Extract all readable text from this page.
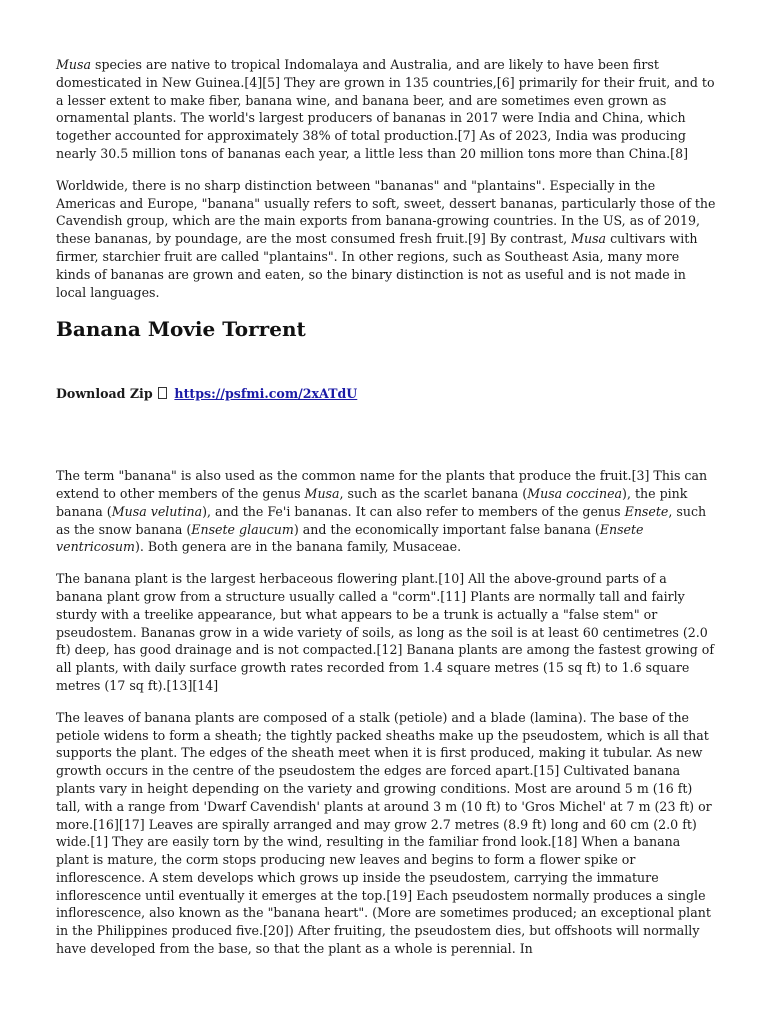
Musa species are native to tropical Indomalaya and Australia, and are likely to have been first domesticated in New Guinea.[4][5] They are grown in 135 countries,[6] primarily for their fruit, and to a lesser extent to make fiber, banana wine, and banana beer, and are sometimes even grown as ornamental plants. The world's largest producers of bananas in 2017 were India and China, which together accounted for approximately 38% of total production.[7] As of 2023, India was producing nearly 30.5 million tons of bananas each year, a little less than 20 million tons more than China.[8]

Worldwide, there is no sharp distinction between "bananas" and "plantains". Especially in the Americas and Europe, "banana" usually refers to soft, sweet, dessert bananas, particularly those of the Cavendish group, which are the main exports from banana-growing countries. In the US, as of 2019, these bananas, by poundage, are the most consumed fresh fruit.[9] By contrast, Musa cultivars with firmer, starchier fruit are called "plantains". In other regions, such as Southeast Asia, many more kinds of bananas are grown and eaten, so the binary distinction is not as useful and is not made in local languages.

Banana Movie Torrent
Download Zip  https://psfmi.com/2xATdU

The term "banana" is also used as the common name for the plants that produce the fruit.[3] This can extend to other members of the genus Musa, such as the scarlet banana (Musa coccinea), the pink banana (Musa velutina), and the Fe'i bananas. It can also refer to members of the genus Ensete, such as the snow banana (Ensete glaucum) and the economically important false banana (Ensete ventricosum). Both genera are in the banana family, Musaceae.

The banana plant is the largest herbaceous flowering plant.[10] All the above-ground parts of a banana plant grow from a structure usually called a "corm".[11] Plants are normally tall and fairly sturdy with a treelike appearance, but what appears to be a trunk is actually a "false stem" or pseudostem. Bananas grow in a wide variety of soils, as long as the soil is at least 60 centimetres (2.0 ft) deep, has good drainage and is not compacted.[12] Banana plants are among the fastest growing of all plants, with daily surface growth rates recorded from 1.4 square metres (15 sq ft) to 1.6 square metres (17 sq ft).[13][14]

The leaves of banana plants are composed of a stalk (petiole) and a blade (lamina). The base of the petiole widens to form a sheath; the tightly packed sheaths make up the pseudostem, which is all that supports the plant. The edges of the sheath meet when it is first produced, making it tubular. As new growth occurs in the centre of the pseudostem the edges are forced apart.[15] Cultivated banana plants vary in height depending on the variety and growing conditions. Most are around 5 m (16 ft) tall, with a range from 'Dwarf Cavendish' plants at around 3 m (10 ft) to 'Gros Michel' at 7 m (23 ft) or more.[16][17] Leaves are spirally arranged and may grow 2.7 metres (8.9 ft) long and 60 cm (2.0 ft) wide.[1] They are easily torn by the wind, resulting in the familiar frond look.[18] When a banana plant is mature, the corm stops producing new leaves and begins to form a flower spike or inflorescence. A stem develops which grows up inside the pseudostem, carrying the immature inflorescence until eventually it emerges at the top.[19] Each pseudostem normally produces a single inflorescence, also known as the "banana heart". (More are sometimes produced; an exceptional plant in the Philippines produced five.[20]) After fruiting, the pseudostem dies, but offshoots will normally have developed from the base, so that the plant as a whole is perennial. In
